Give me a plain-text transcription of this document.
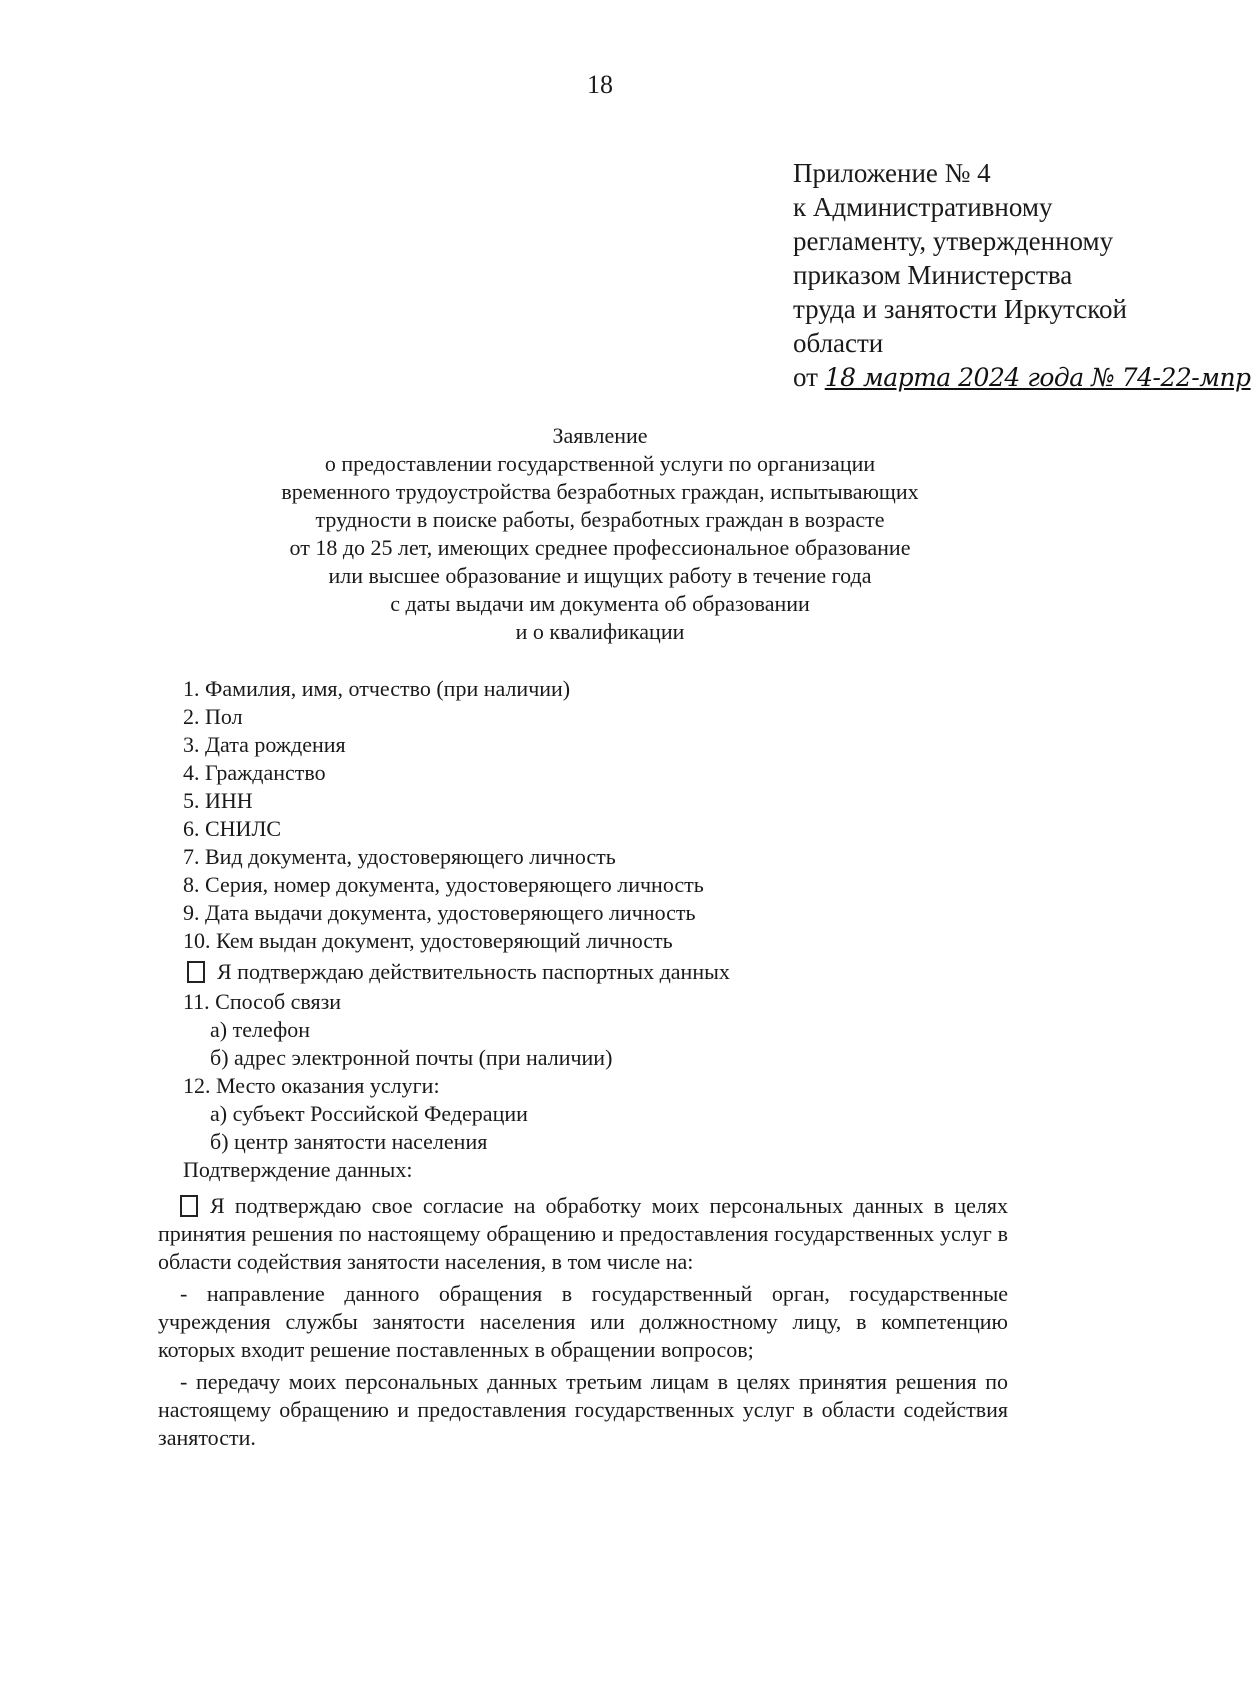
18
Приложение № 4
к Административному
регламенту, утвержденному
приказом Министерства
труда и занятости Иркутской
области
от 18 марта 2024 года № 74-22-мпр
Заявление
о предоставлении государственной услуги по организации
временного трудоустройства безработных граждан, испытывающих
трудности в поиске работы, безработных граждан в возрасте
от 18 до 25 лет, имеющих среднее профессиональное образование
или высшее образование и ищущих работу в течение года
с даты выдачи им документа об образовании
и о квалификации
1. Фамилия, имя, отчество (при наличии)
2. Пол
3. Дата рождения
4. Гражданство
5. ИНН
6. СНИЛС
7. Вид документа, удостоверяющего личность
8. Серия, номер документа, удостоверяющего личность
9. Дата выдачи документа, удостоверяющего личность
10. Кем выдан документ, удостоверяющий личность
Я подтверждаю действительность паспортных данных
11. Способ связи
а) телефон
б) адрес электронной почты (при наличии)
12. Место оказания услуги:
а) субъект Российской Федерации
б) центр занятости населения
Подтверждение данных:

Я подтверждаю свое согласие на обработку моих персональных данных в целях принятия решения по настоящему обращению и предоставления государственных услуг в области содействия занятости населения, в том числе на:

- направление данного обращения в государственный орган, государственные учреждения службы занятости населения или должностному лицу, в компетенцию которых входит решение поставленных в обращении вопросов;

- передачу моих персональных данных третьим лицам в целях принятия решения по настоящему обращению и предоставления государственных услуг в области содействия занятости.
